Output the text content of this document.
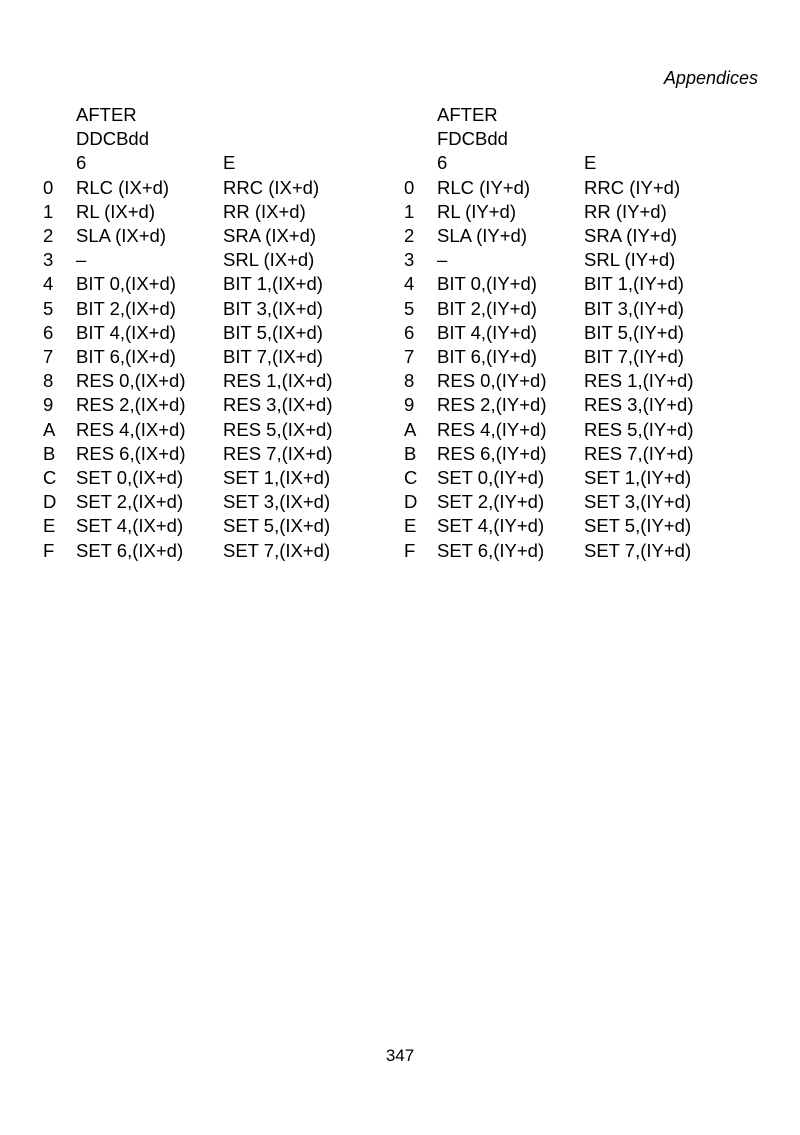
Appendices
	AFTER	
	DDCBdd	
	6	E
0	RLC (IX+d)	RRC (IX+d)
1	RL (IX+d)	RR (IX+d)
2	SLA (IX+d)	SRA (IX+d)
3	–	SRL (IX+d)
4	BIT 0,(IX+d)	BIT 1,(IX+d)
5	BIT 2,(IX+d)	BIT 3,(IX+d)
6	BIT 4,(IX+d)	BIT 5,(IX+d)
7	BIT 6,(IX+d)	BIT 7,(IX+d)
8	RES 0,(IX+d)	RES 1,(IX+d)
9	RES 2,(IX+d)	RES 3,(IX+d)
A	RES 4,(IX+d)	RES 5,(IX+d)
B	RES 6,(IX+d)	RES 7,(IX+d)
C	SET 0,(IX+d)	SET 1,(IX+d)
D	SET 2,(IX+d)	SET 3,(IX+d)
E	SET 4,(IX+d)	SET 5,(IX+d)
F	SET 6,(IX+d)	SET 7,(IX+d)
	AFTER	
	FDCBdd	
	6	E
0	RLC (IY+d)	RRC (IY+d)
1	RL (IY+d)	RR (IY+d)
2	SLA (IY+d)	SRA (IY+d)
3	–	SRL (IY+d)
4	BIT 0,(IY+d)	BIT 1,(IY+d)
5	BIT 2,(IY+d)	BIT 3,(IY+d)
6	BIT 4,(IY+d)	BIT 5,(IY+d)
7	BIT 6,(IY+d)	BIT 7,(IY+d)
8	RES 0,(IY+d)	RES 1,(IY+d)
9	RES 2,(IY+d)	RES 3,(IY+d)
A	RES 4,(IY+d)	RES 5,(IY+d)
B	RES 6,(IY+d)	RES 7,(IY+d)
C	SET 0,(IY+d)	SET 1,(IY+d)
D	SET 2,(IY+d)	SET 3,(IY+d)
E	SET 4,(IY+d)	SET 5,(IY+d)
F	SET 6,(IY+d)	SET 7,(IY+d)
347
